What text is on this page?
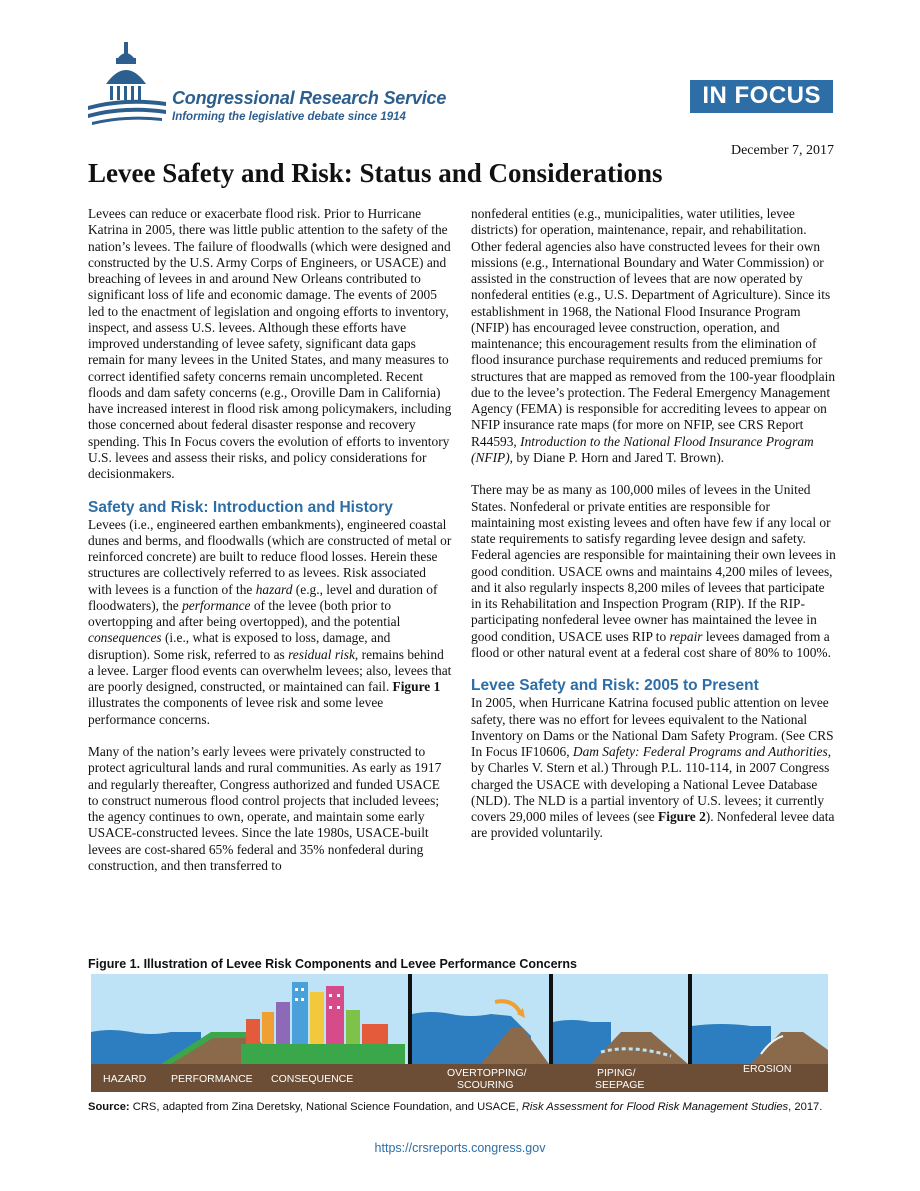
Congressional Research Service
Informing the legislative debate since 1914
IN FOCUS
December 7, 2017
Levee Safety and Risk: Status and Considerations

Levees can reduce or exacerbate flood risk. Prior to Hurricane Katrina in 2005, there was little public attention to the safety of the nation’s levees. The failure of floodwalls (which were designed and constructed by the U.S. Army Corps of Engineers, or USACE) and breaching of levees in and around New Orleans contributed to significant loss of life and economic damage. The events of 2005 led to the enactment of legislation and ongoing efforts to inventory, inspect, and assess U.S. levees. Although these efforts have improved understanding of levee safety, significant data gaps remain for many levees in the United States, and many measures to correct identified safety concerns remain uncompleted. Recent floods and dam safety concerns (e.g., Oroville Dam in California) have increased interest in flood risk among policymakers, including those concerned about federal disaster response and recovery spending. This In Focus covers the evolution of efforts to inventory U.S. levees and assess their risks, and policy considerations for decisionmakers.

Safety and Risk: Introduction and History

Levees (i.e., engineered earthen embankments), engineered coastal dunes and berms, and floodwalls (which are constructed of metal or reinforced concrete) are built to reduce flood losses. Herein these structures are collectively referred to as levees. Risk associated with levees is a function of the hazard (e.g., level and duration of floodwaters), the performance of the levee (both prior to overtopping and after being overtopped), and the potential consequences (i.e., what is exposed to loss, damage, and disruption). Some risk, referred to as residual risk, remains behind a levee. Larger flood events can overwhelm levees; also, levees that are poorly designed, constructed, or maintained can fail. Figure 1 illustrates the components of levee risk and some levee performance concerns.

Many of the nation’s early levees were privately constructed to protect agricultural lands and rural communities. As early as 1917 and regularly thereafter, Congress authorized and funded USACE to construct numerous flood control projects that included levees; the agency continues to own, operate, and maintain some early USACE-constructed levees. Since the late 1980s, USACE-built levees are cost-shared 65% federal and 35% nonfederal during construction, and then transferred to

nonfederal entities (e.g., municipalities, water utilities, levee districts) for operation, maintenance, repair, and rehabilitation. Other federal agencies also have constructed levees for their own missions (e.g., International Boundary and Water Commission) or assisted in the construction of levees that are now operated by nonfederal entities (e.g., U.S. Department of Agriculture). Since its establishment in 1968, the National Flood Insurance Program (NFIP) has encouraged levee construction, operation, and maintenance; this encouragement results from the elimination of flood insurance purchase requirements and reduced premiums for structures that are mapped as removed from the 100-year floodplain due to the levee’s protection. The Federal Emergency Management Agency (FEMA) is responsible for accrediting levees to appear on NFIP insurance rate maps (for more on NFIP, see CRS Report R44593, Introduction to the National Flood Insurance Program (NFIP), by Diane P. Horn and Jared T. Brown).

There may be as many as 100,000 miles of levees in the United States. Nonfederal or private entities are responsible for maintaining most existing levees and often have few if any local or state requirements to satisfy regarding levee design and safety. Federal agencies are responsible for maintaining their own levees in good condition. USACE owns and maintains 4,200 miles of levees, and it also regularly inspects 8,200 miles of levees that participate in its Rehabilitation and Inspection Program (RIP). If the RIP-participating nonfederal levee owner has maintained the levee in good condition, USACE uses RIP to repair levees damaged from a flood or other natural event at a federal cost share of 80% to 100%.

Levee Safety and Risk: 2005 to Present

In 2005, when Hurricane Katrina focused public attention on levee safety, there was no effort for levees equivalent to the National Inventory on Dams or the National Dam Safety Program. (See CRS In Focus IF10606, Dam Safety: Federal Programs and Authorities, by Charles V. Stern et al.) Through P.L. 110-114, in 2007 Congress charged the USACE with developing a National Levee Database (NLD). The NLD is a partial inventory of U.S. levees; it currently covers 29,000 miles of levees (see Figure 2). Nonfederal levee data are provided voluntarily.

Figure 1. Illustration of Levee Risk Components and Levee Performance Concerns
HAZARD PERFORMANCE CONSEQUENCE	OVERTOPPING/
SCOURING
PIPING/
SEEPAGE
EROSION
Source: CRS, adapted from Zina Deretsky, National Science Foundation, and USACE, Risk Assessment for Flood Risk Management Studies, 2017.
https://crsreports.congress.gov
